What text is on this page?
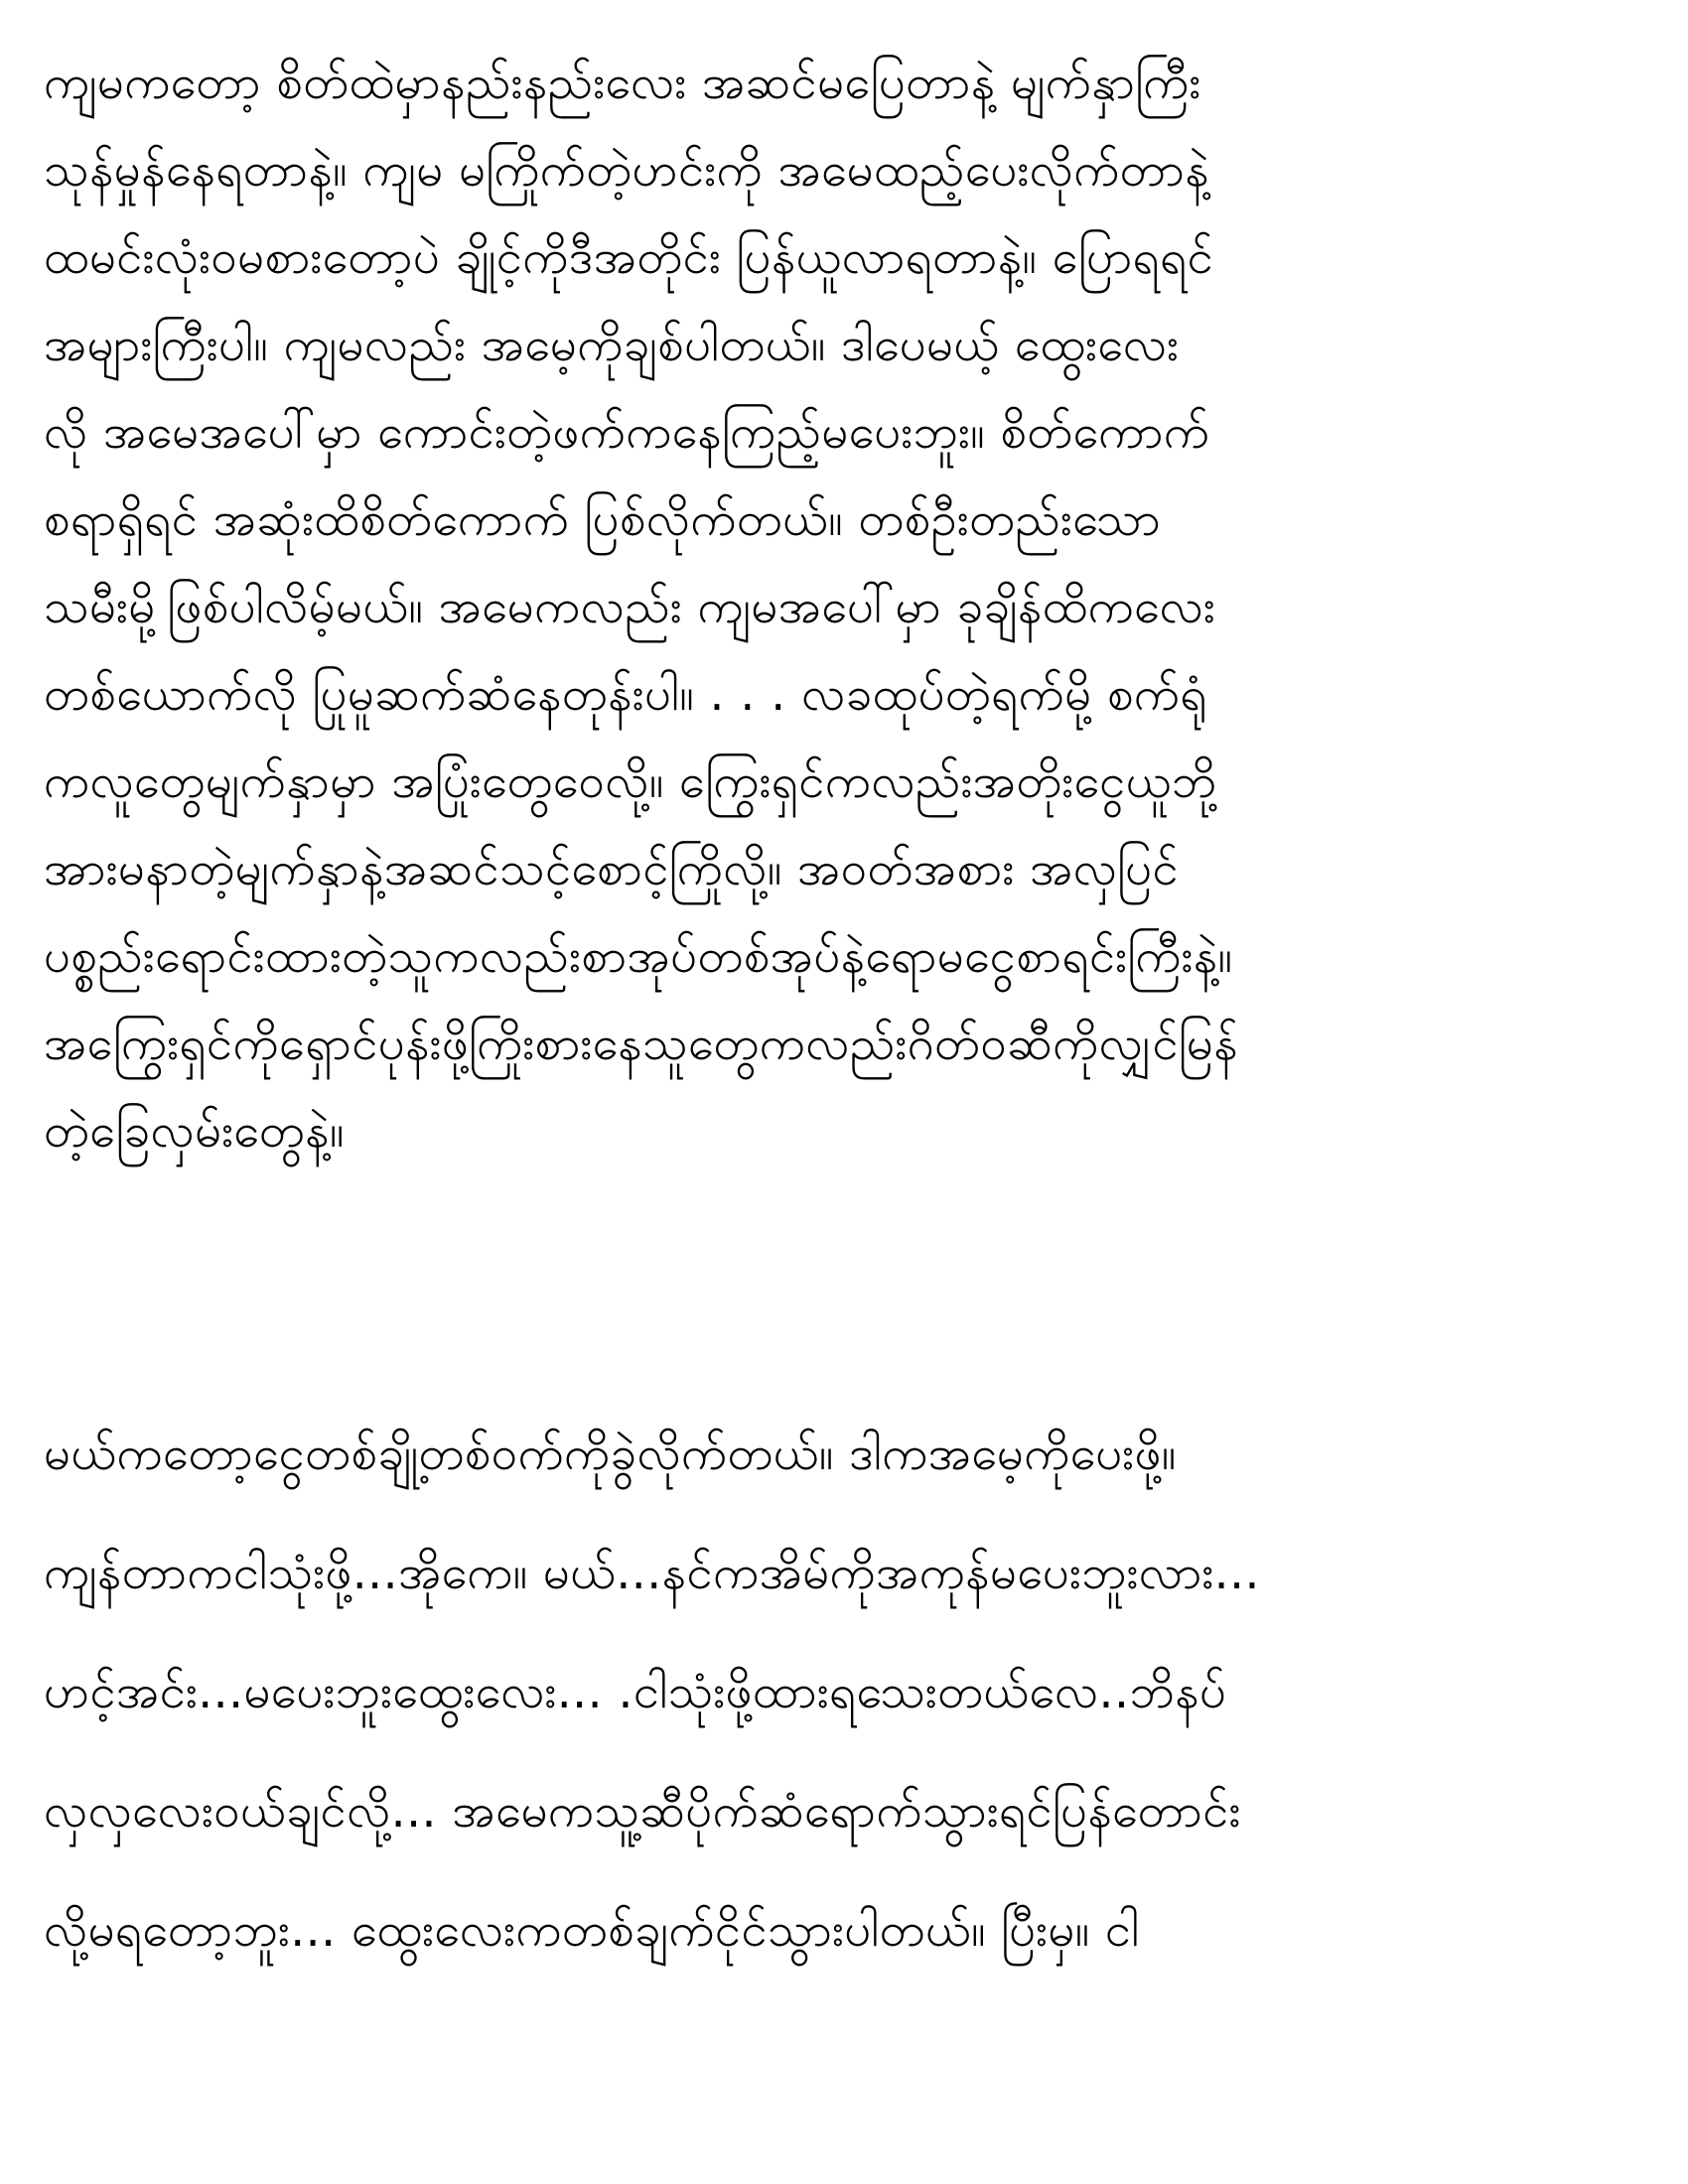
ကျမကတော့ စိတ်ထဲမှာနည်းနည်းလေး အဆင်မပြေတာနဲ့ မျက်နှာကြီး
သုန်မှုန်နေရတာနဲ့။ ကျမ မကြိုက်တဲ့ဟင်းကို အမေထည့်ပေးလိုက်တာနဲ့
ထမင်းလုံးဝမစားတော့ပဲ ချိုင့်ကိုဒီအတိုင်း ပြန်ယူလာရတာနဲ့။ ပြောရရင်
အများကြီးပါ။ ကျမလည်း အမေ့ကိုချစ်ပါတယ်။ ဒါပေမယ့် ထွေးလေး
လို အမေအပေါ်မှာ ကောင်းတဲ့ဖက်ကနေကြည့်မပေးဘူး။ စိတ်ကောက်
စရာရှိရင် အဆုံးထိစိတ်ကောက် ပြစ်လိုက်တယ်။ တစ်ဦးတည်းသော
သမီးမို့ဖြစ်ပါလိမ့်မယ်။ အမေကလည်း ကျမအပေါ်မှာ ခုချိန်ထိကလေး
တစ်ယောက်လို ပြုမူဆက်ဆံနေတုန်းပါ။ . . . လခထုပ်တဲ့ရက်မို့ စက်ရုံ
ကလူတွေမျက်နှာမှာ အပြုံးတွေဝေလို့။ ကြွေးရှင်ကလည်းအတိုးငွေယူဘို့
အားမနာတဲ့မျက်နှာနဲ့အဆင်သင့်စောင့်ကြိုလို့။ အဝတ်အစား အလှပြင်
ပစ္စည်းရောင်းထားတဲ့သူကလည်းစာအုပ်တစ်အုပ်နဲ့ရောမငွေစာရင်းကြီးနဲ့။
အကြွေးရှင်ကိုရှောင်ပုန်းဖို့ကြိုးစားနေသူတွေကလည်းဂိတ်ဝဆီကိုလျှင်မြန်
တဲ့ခြေလှမ်းတွေနဲ့။
မယ်ကတော့ငွေတစ်ချို့တစ်ဝက်ကိုခွဲလိုက်တယ်။ ဒါကအမေ့ကိုပေးဖို့။
ကျန်တာကငါသုံးဖို့...အိုကေ။ မယ်...နင်ကအိမ်ကိုအကုန်မပေးဘူးလား...
ဟင့်အင်း...မပေးဘူးထွေးလေး... .ငါသုံးဖို့ထားရသေးတယ်လေ..ဘိနပ်
လှလှလေးဝယ်ချင်လို့... အမေကသူ့ဆီပိုက်ဆံရောက်သွားရင်ပြန်တောင်း
လို့မရတော့ဘူး... ထွေးလေးကတစ်ချက်ငိုင်သွားပါတယ်။ ပြီးမှ။ ငါ
